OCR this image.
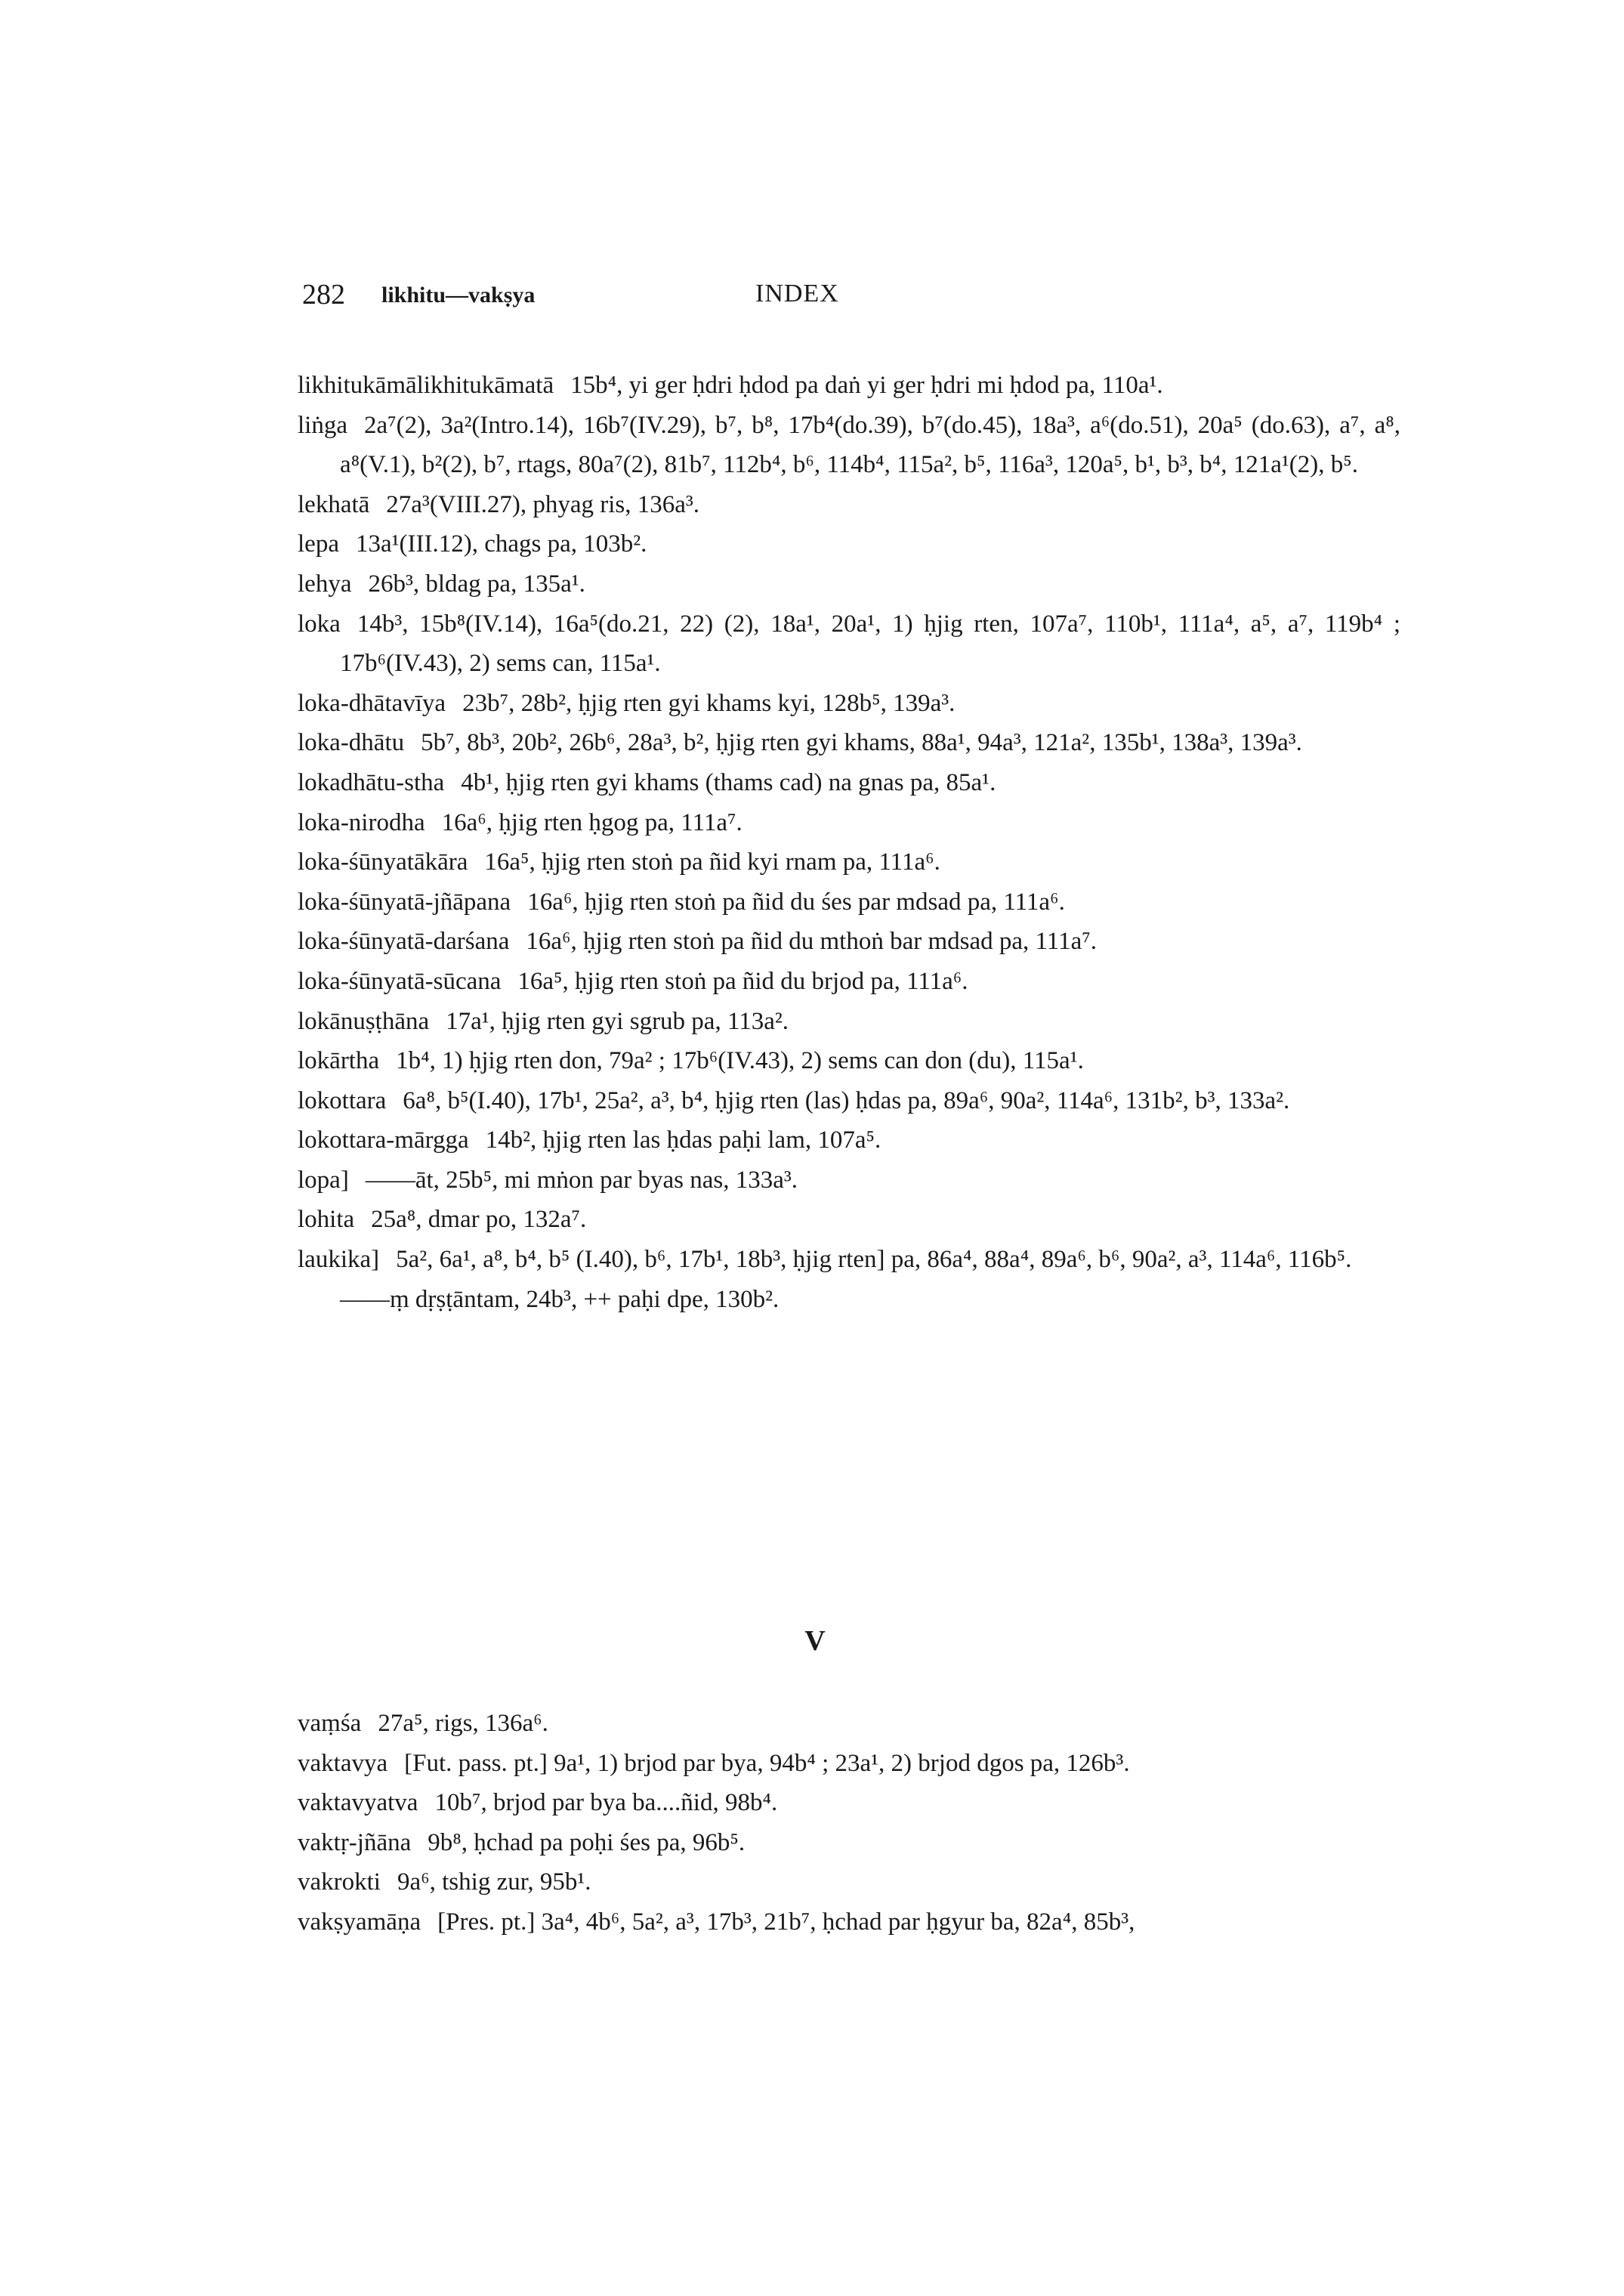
282 likhitu—vakṣya	INDEX

likhitukāmālikhitukāmatā 15b⁴, yi ger ḥdri ḥdod pa daṅ yi ger ḥdri mi ḥdod pa, 110a¹.

liṅga 2a⁷(2), 3a²(Intro.14), 16b⁷(IV.29), b⁷, b⁸, 17b⁴(do.39), b⁷(do.45), 18a³, a⁶(do.51), 20a⁵ (do.63), a⁷, a⁸, a⁸(V.1), b²(2), b⁷, rtags, 80a⁷(2), 81b⁷, 112b⁴, b⁶, 114b⁴, 115a², b⁵, 116a³, 120a⁵, b¹, b³, b⁴, 121a¹(2), b⁵.

lekhatā 27a³(VIII.27), phyag ris, 136a³.

lepa 13a¹(III.12), chags pa, 103b².

lehya 26b³, bldag pa, 135a¹.

loka 14b³, 15b⁸(IV.14), 16a⁵(do.21, 22) (2), 18a¹, 20a¹, 1) ḥjig rten, 107a⁷, 110b¹, 111a⁴, a⁵, a⁷, 119b⁴ ; 17b⁶(IV.43), 2) sems can, 115a¹.

loka-dhātavīya 23b⁷, 28b², ḥjig rten gyi khams kyi, 128b⁵, 139a³.

loka-dhātu 5b⁷, 8b³, 20b², 26b⁶, 28a³, b², ḥjig rten gyi khams, 88a¹, 94a³, 121a², 135b¹, 138a³, 139a³.

lokadhātu-stha 4b¹, ḥjig rten gyi khams (thams cad) na gnas pa, 85a¹.

loka-nirodha 16a⁶, ḥjig rten ḥgog pa, 111a⁷.

loka-śūnyatākāra 16a⁵, ḥjig rten stoṅ pa ñid kyi rnam pa, 111a⁶.

loka-śūnyatā-jñāpana 16a⁶, ḥjig rten stoṅ pa ñid du śes par mdsad pa, 111a⁶.

loka-śūnyatā-darśana 16a⁶, ḥjig rten stoṅ pa ñid du mthoṅ bar mdsad pa, 111a⁷.

loka-śūnyatā-sūcana 16a⁵, ḥjig rten stoṅ pa ñid du brjod pa, 111a⁶.

lokānuṣṭhāna 17a¹, ḥjig rten gyi sgrub pa, 113a².

lokārtha 1b⁴, 1) ḥjig rten don, 79a² ; 17b⁶(IV.43), 2) sems can don (du), 115a¹.

lokottara 6a⁸, b⁵(I.40), 17b¹, 25a², a³, b⁴, ḥjig rten (las) ḥdas pa, 89a⁶, 90a², 114a⁶, 131b², b³, 133a².

lokottara-mārgga 14b², ḥjig rten las ḥdas paḥi lam, 107a⁵.

lopa] ——āt, 25b⁵, mi mṅon par byas nas, 133a³.

lohita 25a⁸, dmar po, 132a⁷.

laukika] 5a², 6a¹, a⁸, b⁴, b⁵ (I.40), b⁶, 17b¹, 18b³, ḥjig rten] pa, 86a⁴, 88a⁴, 89a⁶, b⁶, 90a², a³, 114a⁶, 116b⁵.

——ṃ dṛṣṭāntam, 24b³, ++ paḥi dpe, 130b².

V

vaṃśa 27a⁵, rigs, 136a⁶.

vaktavya [Fut. pass. pt.] 9a¹, 1) brjod par bya, 94b⁴ ; 23a¹, 2) brjod dgos pa, 126b³.

vaktavyatva 10b⁷, brjod par bya ba....ñid, 98b⁴.

vaktṛ-jñāna 9b⁸, ḥchad pa poḥi śes pa, 96b⁵.

vakrokti 9a⁶, tshig zur, 95b¹.

vakṣyamāṇa [Pres. pt.] 3a⁴, 4b⁶, 5a², a³, 17b³, 21b⁷, ḥchad par ḥgyur ba, 82a⁴, 85b³,
